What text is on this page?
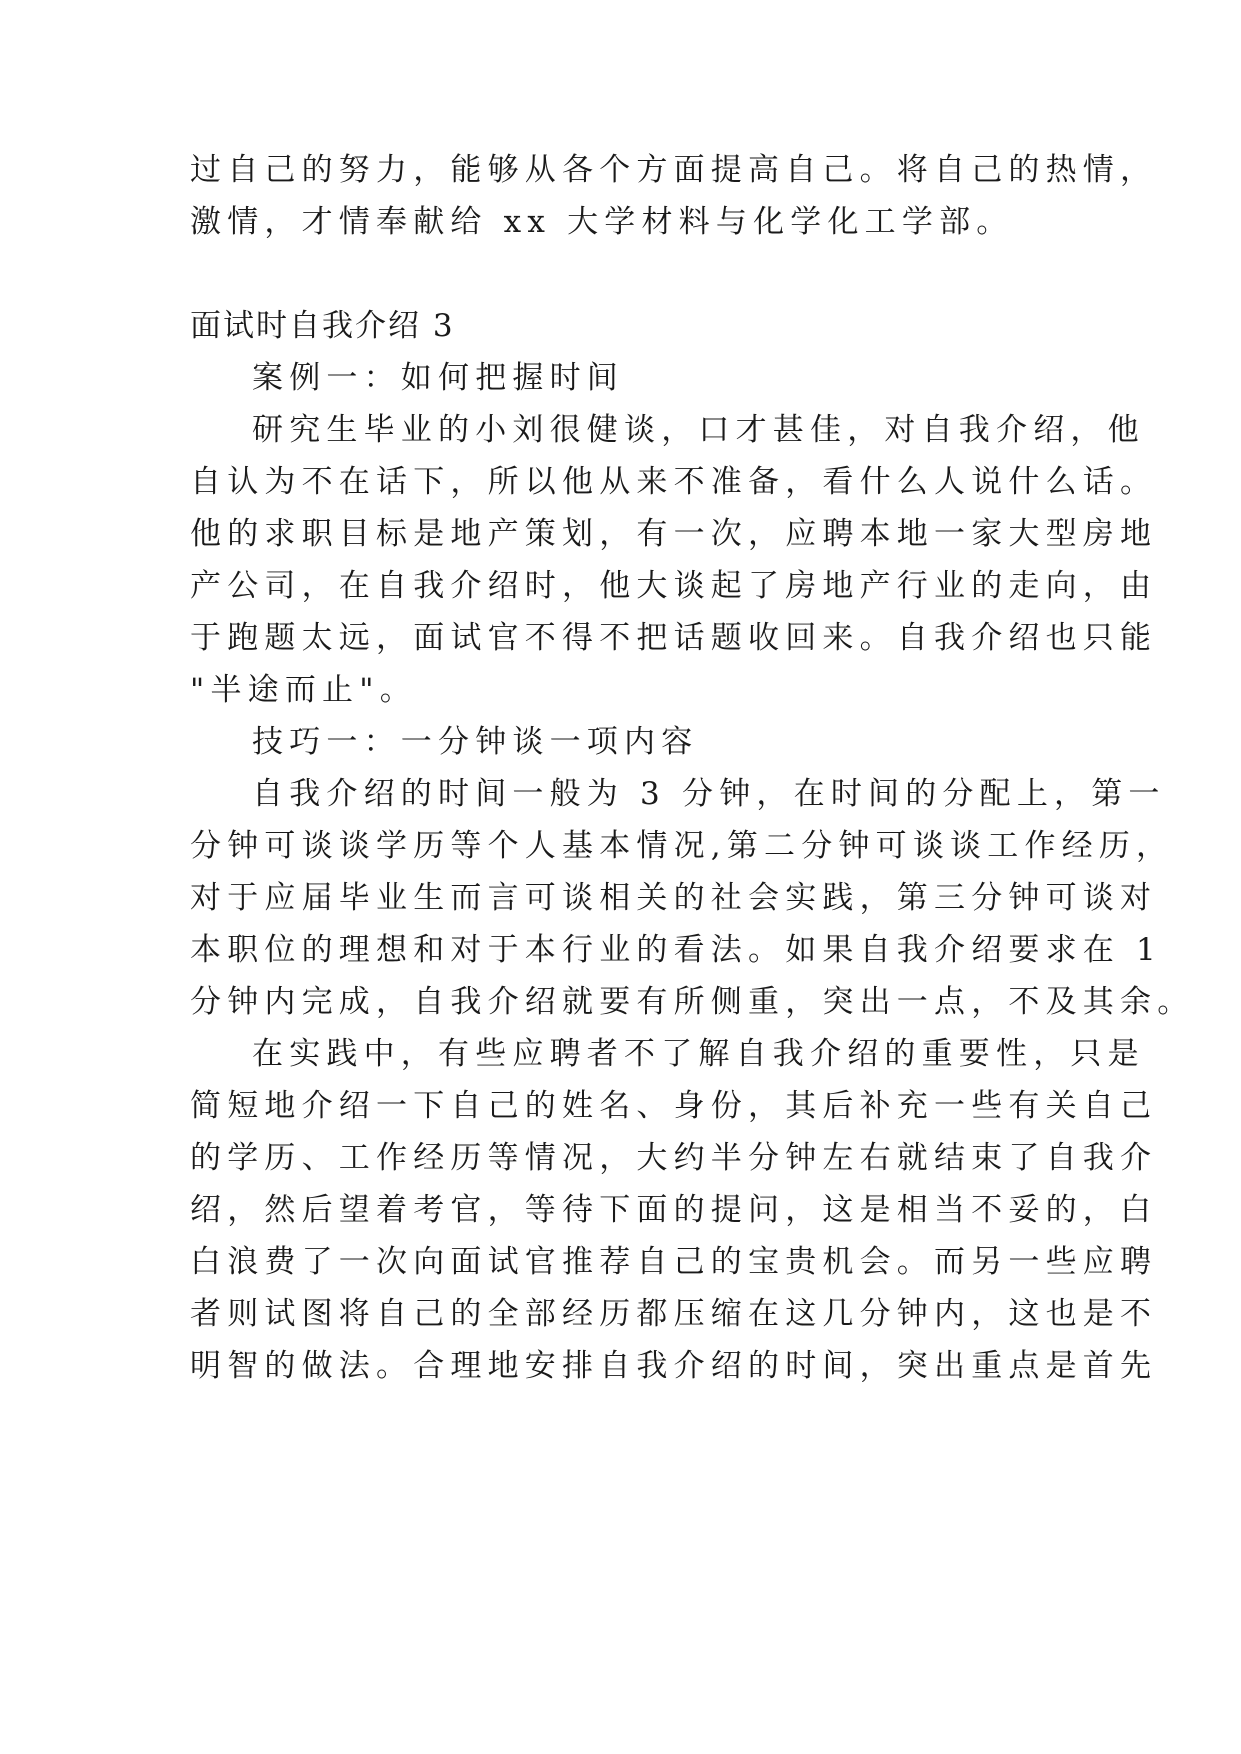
过自己的努力，能够从各个方面提高自己。将自己的热情，
激情，才情奉献给 xx 大学材料与化学化工学部。
面试时自我介绍 3
案例一：如何把握时间
研究生毕业的小刘很健谈，口才甚佳，对自我介绍，他
自认为不在话下，所以他从来不准备，看什么人说什么话。
他的求职目标是地产策划，有一次，应聘本地一家大型房地
产公司，在自我介绍时，他大谈起了房地产行业的走向，由
于跑题太远，面试官不得不把话题收回来。自我介绍也只能
"半途而止"。
技巧一：一分钟谈一项内容
自我介绍的时间一般为 3 分钟，在时间的分配上，第一
分钟可谈谈学历等个人基本情况,第二分钟可谈谈工作经历，
对于应届毕业生而言可谈相关的社会实践，第三分钟可谈对
本职位的理想和对于本行业的看法。如果自我介绍要求在 1
分钟内完成，自我介绍就要有所侧重，突出一点，不及其余。
在实践中，有些应聘者不了解自我介绍的重要性，只是
简短地介绍一下自己的姓名、身份，其后补充一些有关自己
的学历、工作经历等情况，大约半分钟左右就结束了自我介
绍，然后望着考官，等待下面的提问，这是相当不妥的，白
白浪费了一次向面试官推荐自己的宝贵机会。而另一些应聘
者则试图将自己的全部经历都压缩在这几分钟内，这也是不
明智的做法。合理地安排自我介绍的时间，突出重点是首先
